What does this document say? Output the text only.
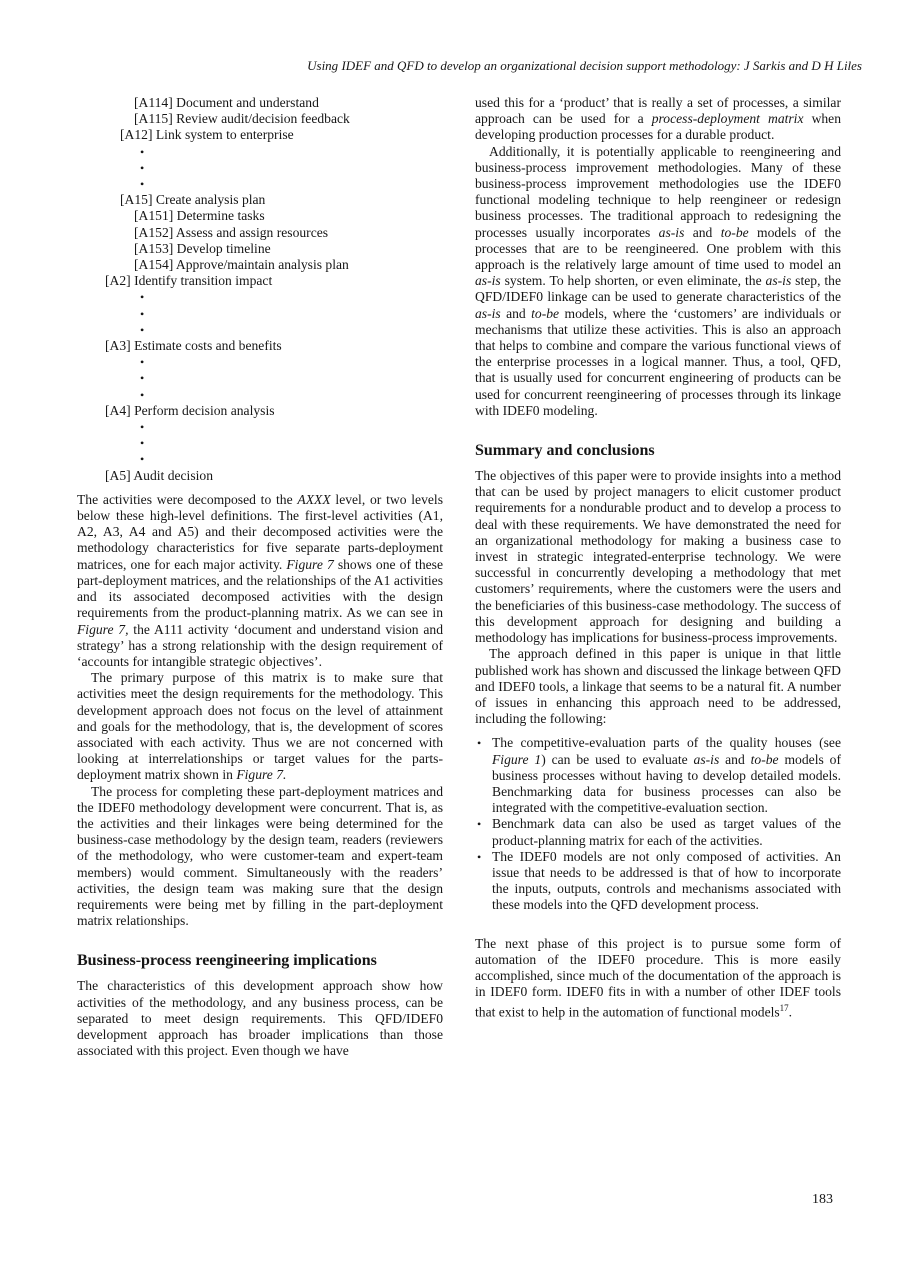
Using IDEF and QFD to develop an organizational decision support methodology: J Sarkis and D H Liles
[A114] Document and understand
[A115] Review audit/decision feedback
[A12] Link system to enterprise
•
•
•
[A15] Create analysis plan
[A151] Determine tasks
[A152] Assess and assign resources
[A153] Develop timeline
[A154] Approve/maintain analysis plan
[A2] Identify transition impact
•
•
•
[A3] Estimate costs and benefits
•
•
•
[A4] Perform decision analysis
•
•
•
[A5] Audit decision

The activities were decomposed to the AXXX level, or two levels below these high-level definitions. The first-level activities (A1, A2, A3, A4 and A5) and their decomposed activities were the methodology characteristics for five separate parts-deployment matrices, one for each major activity. Figure 7 shows one of these part-deployment matrices, and the relationships of the A1 activities and its associated decomposed activities with the design requirements from the product-planning matrix. As we can see in Figure 7, the A111 activity ‘document and understand vision and strategy’ has a strong relationship with the design requirement of ‘accounts for intangible strategic objectives’.

The primary purpose of this matrix is to make sure that activities meet the design requirements for the methodology. This development approach does not focus on the level of attainment and goals for the methodology, that is, the development of scores associated with each activity. Thus we are not concerned with looking at interrelationships or target values for the parts-deployment matrix shown in Figure 7.

The process for completing these part-deployment matrices and the IDEF0 methodology development were concurrent. That is, as the activities and their linkages were being determined for the business-case methodology by the design team, readers (reviewers of the methodology, who were customer-team and expert-team members) would comment. Simultaneously with the readers’ activities, the design team was making sure that the design requirements were being met by filling in the part-deployment matrix relationships.

Business-process reengineering implications

The characteristics of this development approach show how activities of the methodology, and any business process, can be separated to meet design requirements. This QFD/IDEF0 development approach has broader implications than those associated with this project. Even though we have

used this for a ‘product’ that is really a set of processes, a similar approach can be used for a process-deployment matrix when developing production processes for a durable product.

Additionally, it is potentially applicable to reengineering and business-process improvement methodologies. Many of these business-process improvement methodologies use the IDEF0 functional modeling technique to help reengineer or redesign business processes. The traditional approach to redesigning the processes usually incorporates as-is and to-be models of the processes that are to be reengineered. One problem with this approach is the relatively large amount of time used to model an as-is system. To help shorten, or even eliminate, the as-is step, the QFD/IDEF0 linkage can be used to generate characteristics of the as-is and to-be models, where the ‘customers’ are individuals or mechanisms that utilize these activities. This is also an approach that helps to combine and compare the various functional views of the enterprise processes in a logical manner. Thus, a tool, QFD, that is usually used for concurrent engineering of products can be used for concurrent reengineering of processes through its linkage with IDEF0 modeling.

Summary and conclusions

The objectives of this paper were to provide insights into a method that can be used by project managers to elicit customer product requirements for a nondurable product and to develop a process to deal with these requirements. We have demonstrated the need for an organizational methodology for making a business case to invest in strategic integrated-enterprise technology. We were successful in concurrently developing a methodology that met customers’ requirements, where the customers were the users and the beneficiaries of this business-case methodology. The success of this development approach for designing and building a methodology has implications for business-process improvements.

The approach defined in this paper is unique in that little published work has shown and discussed the linkage between QFD and IDEF0 tools, a linkage that seems to be a natural fit. A number of issues in enhancing this approach need to be addressed, including the following:

• The competitive-evaluation parts of the quality houses (see Figure 1) can be used to evaluate as-is and to-be models of business processes without having to develop detailed models. Benchmarking data for business processes can also be integrated with the competitive-evaluation section.
• Benchmark data can also be used as target values of the product-planning matrix for each of the activities.
• The IDEF0 models are not only composed of activities. An issue that needs to be addressed is that of how to incorporate the inputs, outputs, controls and mechanisms associated with these models into the QFD development process.

The next phase of this project is to pursue some form of automation of the IDEF0 procedure. This is more easily accomplished, since much of the documentation of the approach is in IDEF0 form. IDEF0 fits in with a number of other IDEF tools that exist to help in the automation of functional models$^{17}$.

183
